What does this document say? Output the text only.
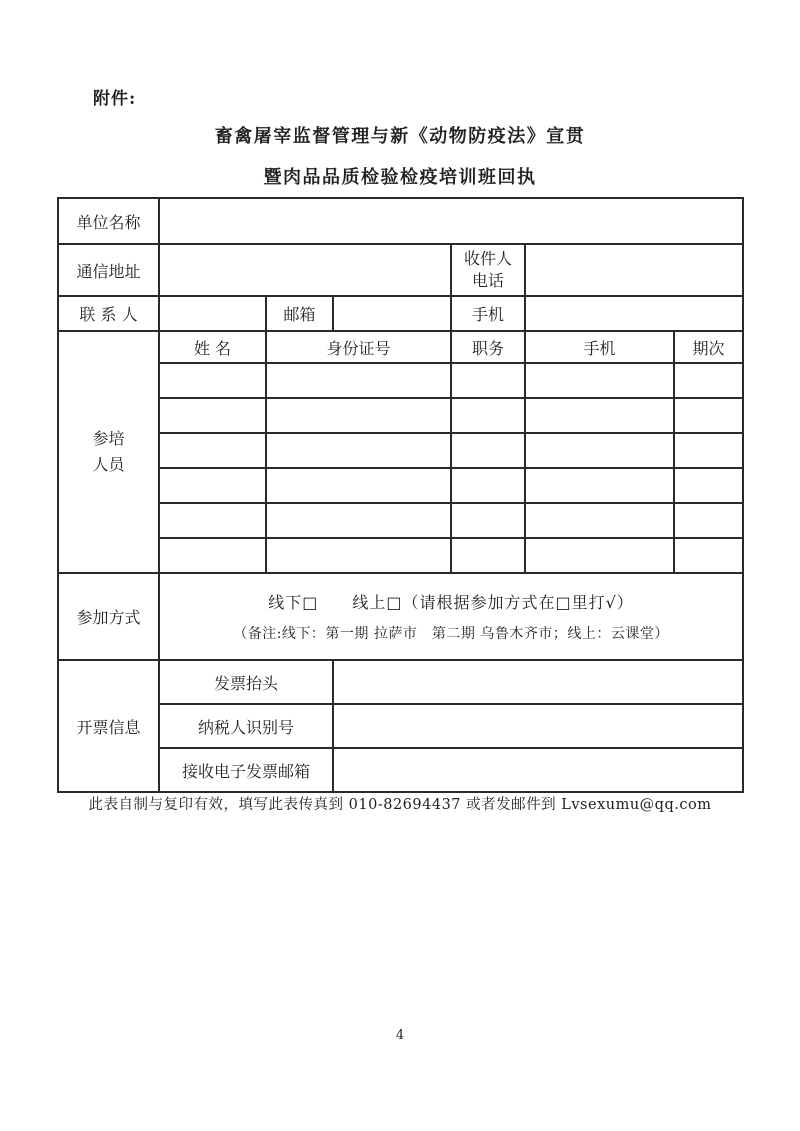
附件:
畜禽屠宰监督管理与新《动物防疫法》宣贯
暨肉品品质检验检疫培训班回执
单位名称						
通信地址				收件人电话		
联 系 人		邮箱		手机		
参培人员	姓 名	身份证号		职务	手机	期次

参加方式	线下□　　线上□（请根据参加方式在□里打√）
（备注:线下：第一期 拉萨市　第二期 乌鲁木齐市；线上：云课堂）					

开票信息	发票抬头					
	纳税人识别号					
	接收电子发票邮箱					
此表自制与复印有效，填写此表传真到 010-82694437 或者发邮件到 Lvsexumu@qq.com
4
